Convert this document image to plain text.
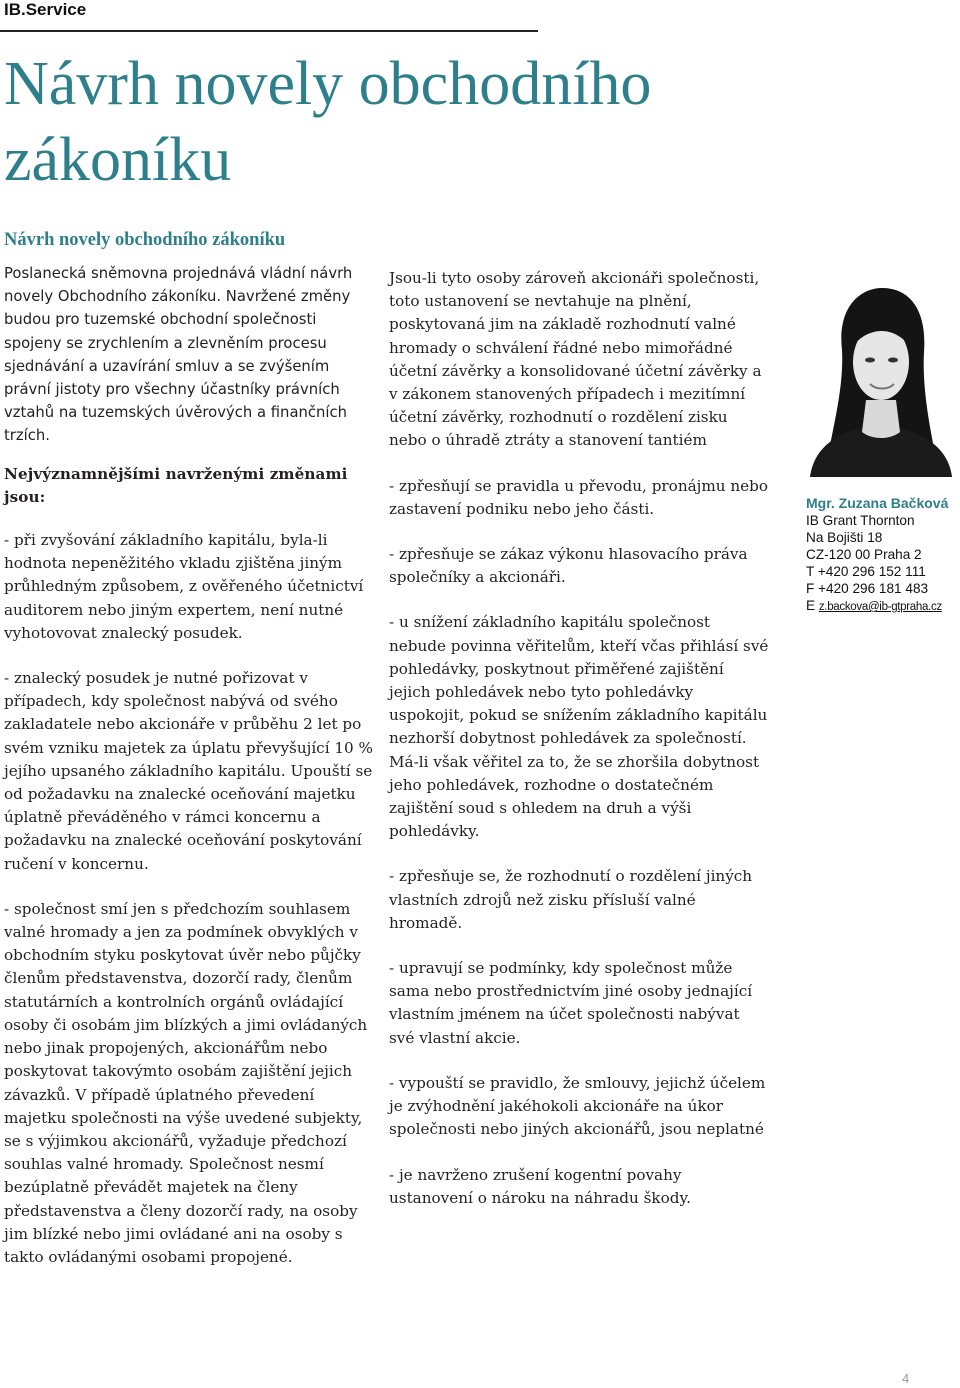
IB.Service
Návrh novely obchodního zákoníku
Návrh novely obchodního zákoníku

Poslanecká sněmovna projednává vládní návrh novely Obchodního zákoníku. Navržené změny budou pro tuzemské obchodní společnosti spojeny se zrychlením a zlevněním procesu sjednávání a uzavírání smluv a se zvýšením právní jistoty pro všechny účastníky právních vztahů na tuzemských úvěrových a finančních trzích.

Nejvýznamnějšími navrženými změnami jsou:

- při zvyšování základního kapitálu, byla-li hodnota nepeněžitého vkladu zjištěna jiným průhledným způsobem, z ověřeného účetnictví auditorem nebo jiným expertem, není nutné vyhotovovat znalecký posudek.

- znalecký posudek je nutné pořizovat v případech, kdy společnost nabývá od svého zakladatele nebo akcionáře v průběhu 2 let po svém vzniku majetek za úplatu převyšující 10 % jejího upsaného základního kapitálu. Upouští se od požadavku na znalecké oceňování majetku úplatně převáděného v rámci koncernu a požadavku na znalecké oceňování poskytování ručení v koncernu.

- společnost smí jen s předchozím souhlasem valné hromady a jen za podmínek obvyklých v obchodním styku poskytovat úvěr nebo půjčky členům představenstva, dozorčí rady, členům statutárních a kontrolních orgánů ovládající osoby či osobám jim blízkých a jimi ovládaných nebo jinak propojených, akcionářům nebo poskytovat takovýmto osobám zajištění jejich závazků. V případě úplatného převedení majetku společnosti na výše uvedené subjekty, se s výjimkou akcionářů, vyžaduje předchozí souhlas valné hromady. Společnost nesmí bezúplatně převádět majetek na členy představenstva a členy dozorčí rady, na osoby jim blízké nebo jimi ovládané ani na osoby s takto ovládanými osobami propojené.

Jsou-li tyto osoby zároveň akcionáři společnosti, toto ustanovení se nevtahuje na plnění, poskytovaná jim na základě rozhodnutí valné hromady o schválení řádné nebo mimořádné účetní závěrky a konsolidované účetní závěrky a v zákonem stanovených případech i mezitímní účetní závěrky, rozhodnutí o rozdělení zisku nebo o úhradě ztráty a stanovení tantiém

- zpřesňují se pravidla u převodu, pronájmu nebo zastavení podniku nebo jeho části.

- zpřesňuje se zákaz výkonu hlasovacího práva společníky a akcionáři.

- u snížení základního kapitálu společnost nebude povinna věřitelům, kteří včas přihlásí své pohledávky, poskytnout přiměřené zajištění jejich pohledávek nebo tyto pohledávky uspokojit, pokud se snížením základního kapitálu nezhorší dobytnost pohledávek za společností. Má-li však věřitel za to, že se zhoršila dobytnost jeho pohledávek, rozhodne o dostatečném zajištění soud s ohledem na druh a výši pohledávky.

- zpřesňuje se, že rozhodnutí o rozdělení jiných vlastních zdrojů než zisku přísluší valné hromadě.

- upravují se podmínky, kdy společnost může sama nebo prostřednictvím jiné osoby jednající vlastním jménem na účet společnosti nabývat své vlastní akcie.

- vypouští se pravidlo, že smlouvy, jejichž účelem je zvýhodnění jakéhokoli akcionáře na úkor společnosti nebo jiných akcionářů, jsou neplatné

- je navrženo zrušení kogentní povahy ustanovení o nároku na náhradu škody.

Mgr. Zuzana Bačková
IB Grant Thornton
Na Bojišti 18
CZ-120 00 Praha 2
T +420 296 152 111
F +420 296 181 483
E z.backova@ib-gtpraha.cz
4
